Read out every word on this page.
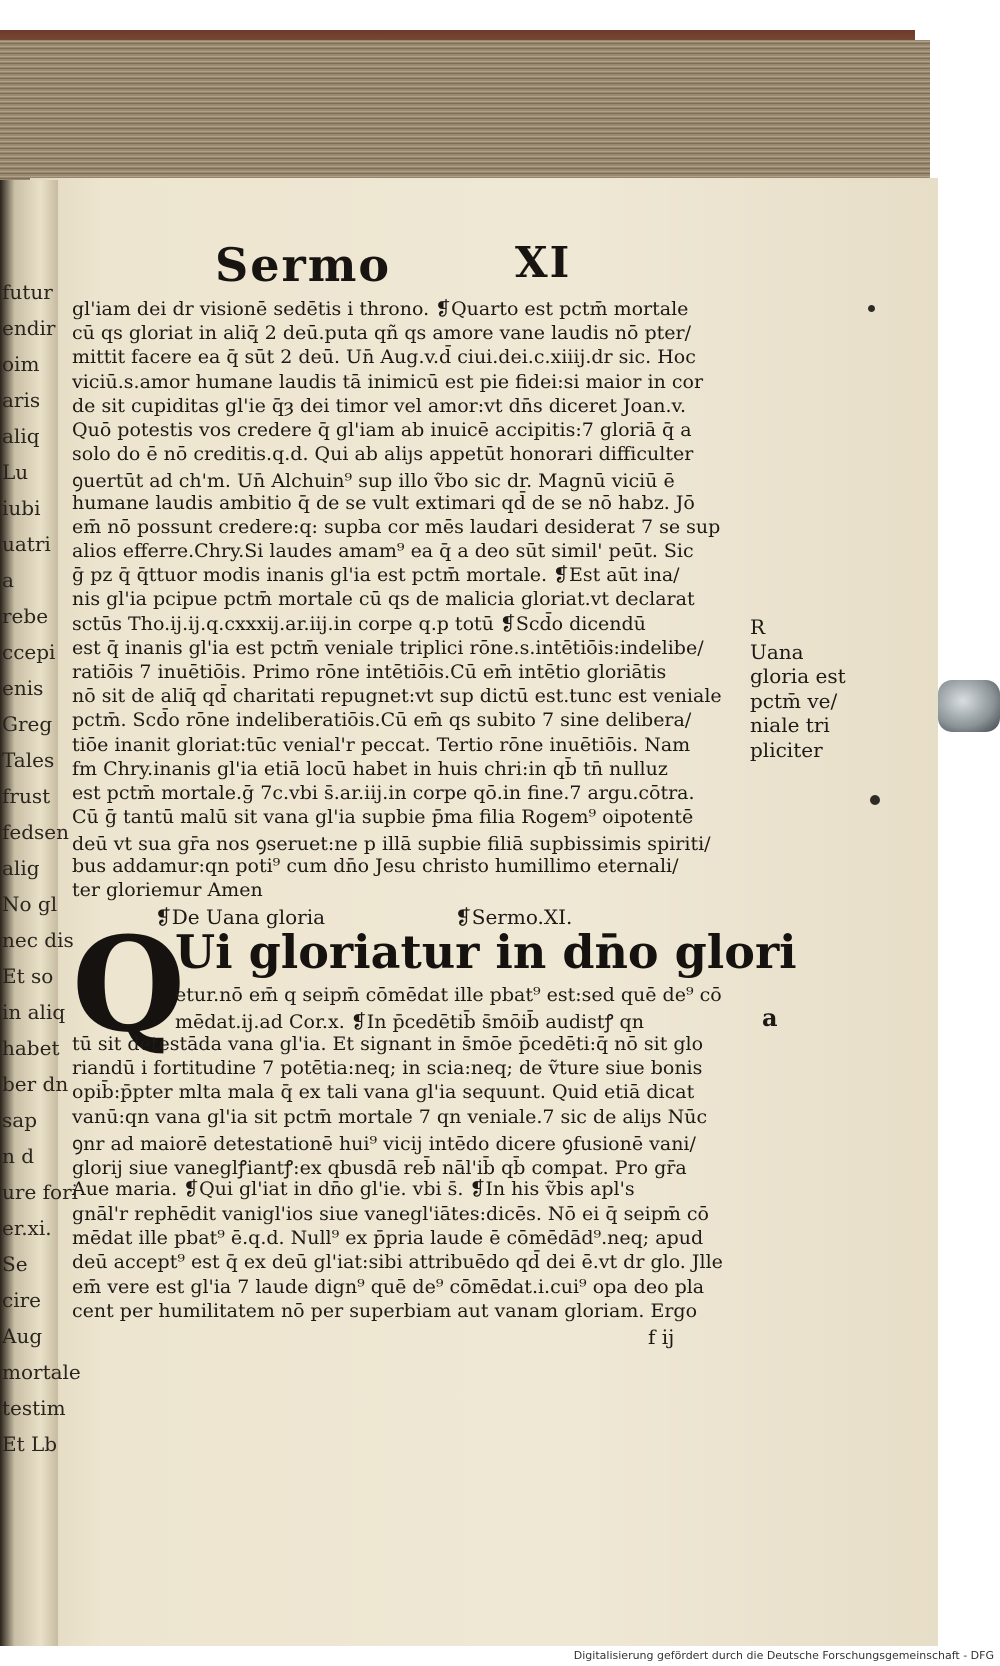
futur
endir
oim
aris
aliq
Lu
iubi
uatri
a
rebe
ccepi
enis
Greg
Tales
frust
fedsen
alig
No gl
nec dis
Et so
in aliq
habet
ber dn
sap
n d
ure fori
er.xi.
Se
cire
Aug
mortale
testim
Et Lb
Sermo	XI
gl'iam dei dr visionē sedētis i throno. ❡Quarto est pctm̄ mortale
cū qs gloriat in aliq̄ 2 deū.puta qñ qs amore vane laudis nō pter/
mittit facere ea q̄ sūt 2 deū. Un̄ Aug.v.d̄ ciui.dei.c.xiiij.dr sic. Hoc
viciū.s.amor humane laudis tā inimicū est pie fidei:si maior in cor
de sit cupiditas gl'ie q̄ȝ dei timor vel amor:vt dn̄s diceret Joan.v.
Quō potestis vos credere q̄ gl'iam ab inuicē accipitis:7 gloriā q̄ a
solo do ē nō creditis.q.d. Qui ab aliȷs appetūt honorari difficulter
ꝯuertūt ad ch'm. Un̄ Alchuin⁹ sup illo ṽbo sic dr. Magnū viciū ē
humane laudis ambitio q̄ de se vult extimari qd̄ de se nō habz. Jō
em̄ nō possunt credere:q: supba cor mēs laudari desiderat 7 se sup
alios efferre.Chry.Si laudes amam⁹ ea q̄ a deo sūt simil' peūt. Sic
ḡ pz q̄ q̄ttuor modis inanis gl'ia est pctm̄ mortale. ❡Est aūt ina/
nis gl'ia pcipue pctm̄ mortale cū qs de malicia gloriat.vt declarat
sctūs Tho.ij.ij.q.cxxxij.ar.iij.in corpe q.p totū ❡Scd̄o dicendū
est q̄ inanis gl'ia est pctm̄ veniale triplici rōne.s.intētiōis:indelibe/
ratiōis 7 inuētiōis. Primo rōne intētiōis.Cū em̄ intētio gloriātis
nō sit de aliq̄ qd̄ charitati repugnet:vt sup dictū est.tunc est veniale
pctm̄. Scd̄o rōne indeliberatiōis.Cū em̄ qs subito 7 sine delibera/
tiōe inanit gloriat:tūc venial'r peccat. Tertio rōne inuētiōis. Nam
fm Chry.inanis gl'ia etiā locū habet in huis chri:in qb̄ tn̄ nulluz
est pctm̄ mortale.ḡ 7c.vbi s̄.ar.iij.in corpe qō.in fine.7 argu.cōtra.
Cū ḡ tantū malū sit vana gl'ia supbie p̄ma filia Rogem⁹ oipotentē
deū vt sua gr̄a nos ꝯseruet:ne p illā supbie filiā supbissimis spiriti/
bus addamur:qn poti⁹ cum dn̄o Jesu christo humillimo eternali/
ter gloriemur Amen
❡De Uana gloria	❡Sermo.XI.
Q
Ui gloriatur in dn̄o glori
etur.nō em̄ q seipm̄ cōmēdat ille pbat⁹ est:sed quē de⁹ cō
mēdat.ij.ad Cor.x. ❡In p̄cedētib̄ s̄mōib̄ audistꝭ qn
tū sit detestāda vana gl'ia. Et signant in s̄mōe p̄cedēti:q̄ nō sit glo
riandū i fortitudine 7 potētia:neq; in scia:neq; de ṽture siue bonis
opib̄:p̄pter mlta mala q̄ ex tali vana gl'ia sequunt. Quid etiā dicat
vanū:qn vana gl'ia sit pctm̄ mortale 7 qn veniale.7 sic de aliȷs Nūc
ꝯnr ad maiorē detestationē hui⁹ vicij intēdo dicere ꝯfusionē vani/
glorij siue vaneglꝭiantꝭ:ex qbusdā reb̄ nāl'ib̄ qb̄ compat. Pro gr̄a
Aue maria. ❡Qui gl'iat in dn̄o gl'ie. vbi s̄. ❡In his ṽbis apl's
gnāl'r rephēdit vanigl'ios siue vanegl'iātes:dicēs. Nō ei q̄ seipm̄ cō
mēdat ille pbat⁹ ē.q.d. Null⁹ ex p̄pria laude ē cōmēdād⁹.neq; apud
deū accept⁹ est q̄ ex deū gl'iat:sibi attribuēdo qd̄ dei ē.vt dr glo. Jlle
em̄ vere est gl'ia 7 laude dign⁹ quē de⁹ cōmēdat.i.cui⁹ opa deo pla
cent per humilitatem nō per superbiam aut vanam gloriam. Ergo
f ij
R
Uana
gloria est
pctm̄ ve/
niale tri
pliciter
a
Digitalisierung gefördert durch die Deutsche Forschungsgemeinschaft - DFG
